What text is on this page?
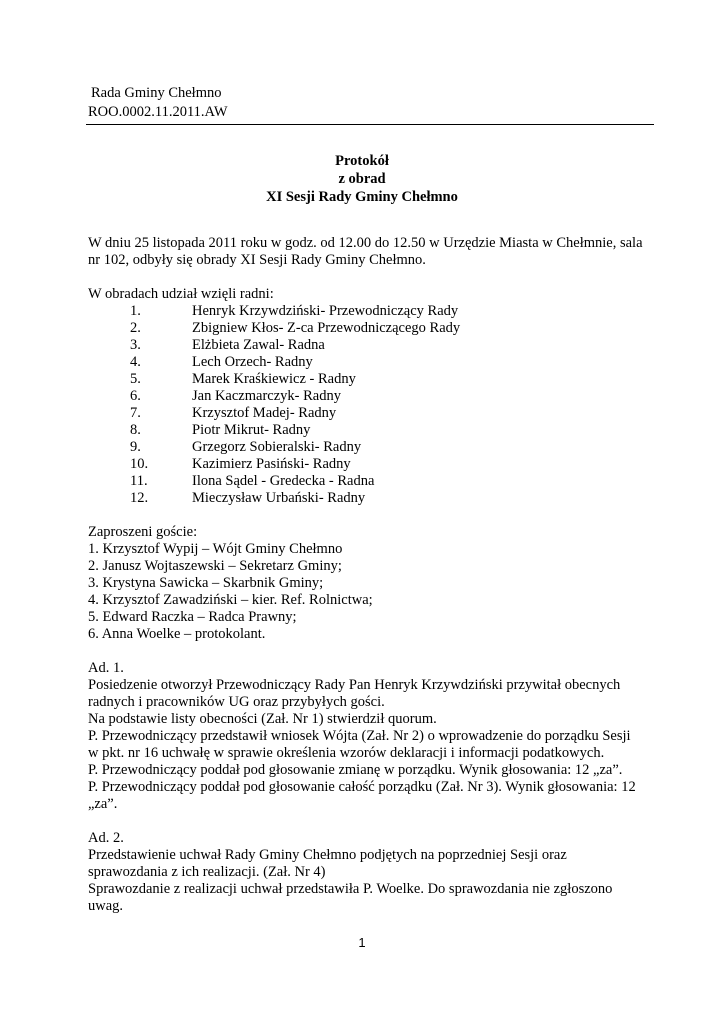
Rada Gminy Chełmno
ROO.0002.11.2011.AW
Protokół
z obrad
XI Sesji Rady Gminy Chełmno

W dniu 25 listopada 2011 roku w godz. od 12.00 do 12.50 w Urzędzie Miasta w Chełmnie, sala nr 102, odbyły się obrady XI Sesji Rady Gminy Chełmno.

W obradach udział wzięli radni:

1.	Henryk Krzywdziński- Przewodniczący Rady
2.	Zbigniew Kłos- Z-ca Przewodniczącego Rady
3.	Elżbieta Zawal- Radna
4.	Lech Orzech- Radny
5.	Marek Kraśkiewicz - Radny
6.	Jan Kaczmarczyk- Radny
7.	Krzysztof Madej- Radny
8.	Piotr Mikrut- Radny
9.	Grzegorz Sobieralski- Radny
10.	Kazimierz Pasiński- Radny
11.	Ilona Sądel - Gredecka - Radna
12.	Mieczysław Urbański- Radny

Zaproszeni goście:

1. Krzysztof Wypij – Wójt Gminy Chełmno

2. Janusz Wojtaszewski – Sekretarz Gminy;

3. Krystyna Sawicka – Skarbnik Gminy;

4. Krzysztof Zawadziński – kier. Ref. Rolnictwa;

5. Edward Raczka – Radca Prawny;

6. Anna Woelke – protokolant.

Ad. 1.

Posiedzenie otworzył Przewodniczący Rady Pan Henryk Krzywdziński przywitał obecnych

radnych i pracowników UG oraz przybyłych gości.

Na podstawie listy obecności (Zał. Nr 1) stwierdził quorum.

P. Przewodniczący przedstawił wniosek Wójta (Zał. Nr 2) o wprowadzenie do porządku Sesji

w pkt. nr 16 uchwałę w sprawie określenia wzorów deklaracji i informacji podatkowych.

P. Przewodniczący poddał pod głosowanie zmianę w porządku. Wynik głosowania: 12 „za”.

P. Przewodniczący poddał pod głosowanie całość porządku (Zał. Nr 3). Wynik głosowania: 12

„za”.

Ad. 2.

Przedstawienie uchwał Rady Gminy Chełmno podjętych na poprzedniej Sesji oraz

sprawozdania z ich realizacji. (Zał. Nr 4)

Sprawozdanie z realizacji uchwał przedstawiła P. Woelke. Do sprawozdania nie zgłoszono

uwag.

1
